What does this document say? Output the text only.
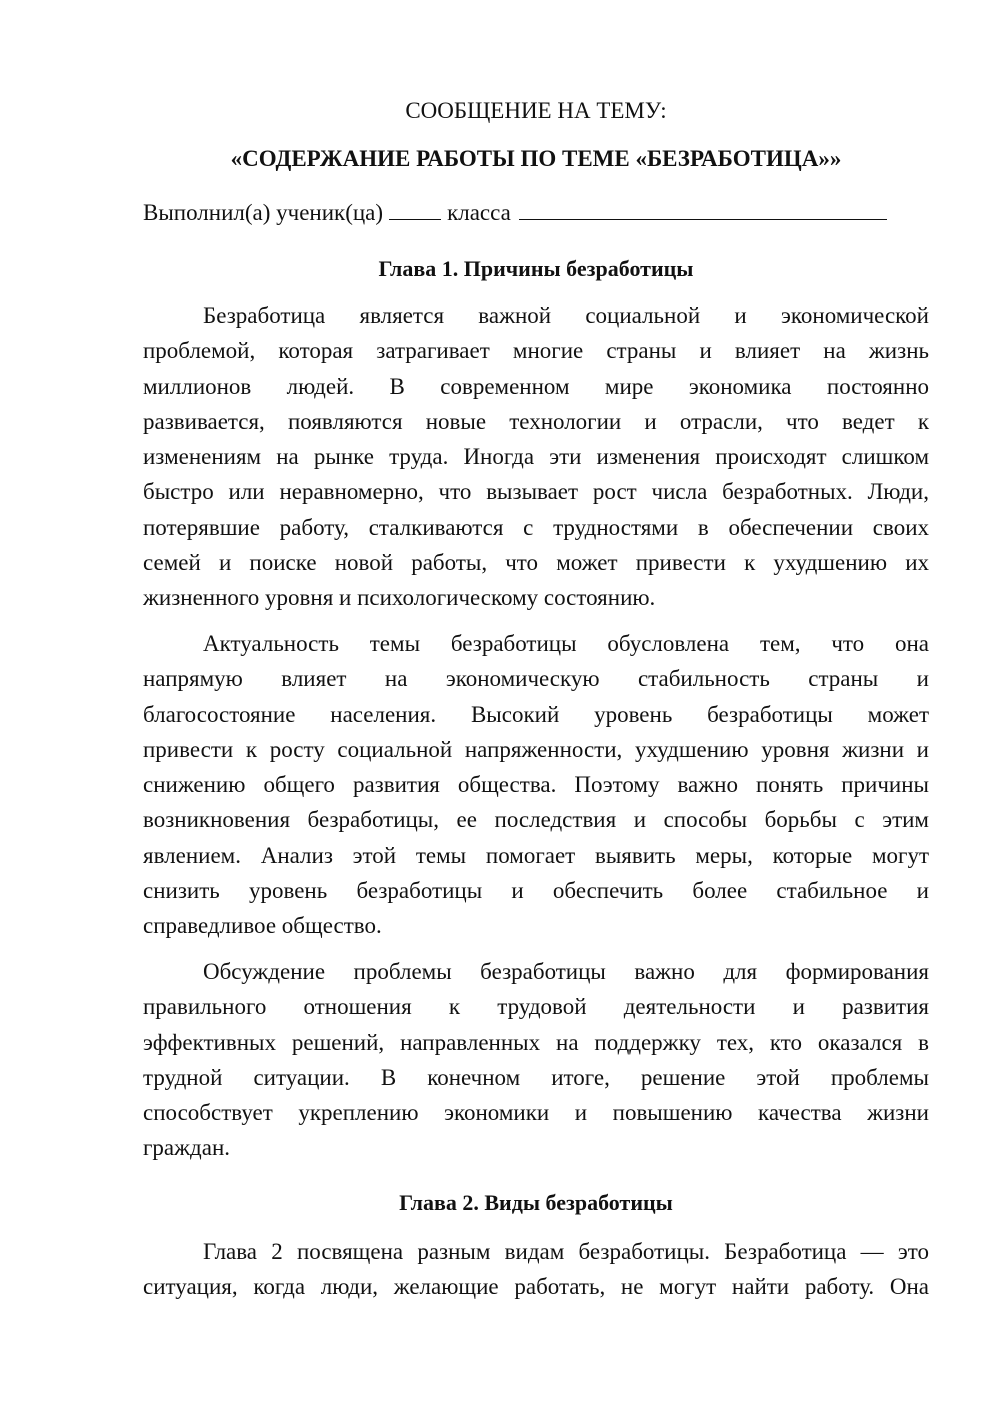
СООБЩЕНИЕ НА ТЕМУ:
«СОДЕРЖАНИЕ РАБОТЫ ПО ТЕМЕ «БЕЗРАБОТИЦА»»
Выполнил(а) ученик(ца)	класса
Глава 1. Причины безработицы
Безработица является важной социальной и экономической
проблемой, которая затрагивает многие страны и влияет на жизнь
миллионов людей. В современном мире экономика постоянно
развивается, появляются новые технологии и отрасли, что ведет к
изменениям на рынке труда. Иногда эти изменения происходят слишком
быстро или неравномерно, что вызывает рост числа безработных. Люди,
потерявшие работу, сталкиваются с трудностями в обеспечении своих
семей и поиске новой работы, что может привести к ухудшению их
жизненного уровня и психологическому состоянию.
Актуальность темы безработицы обусловлена тем, что она
напрямую влияет на экономическую стабильность страны и
благосостояние населения. Высокий уровень безработицы может
привести к росту социальной напряженности, ухудшению уровня жизни и
снижению общего развития общества. Поэтому важно понять причины
возникновения безработицы, ее последствия и способы борьбы с этим
явлением. Анализ этой темы помогает выявить меры, которые могут
снизить уровень безработицы и обеспечить более стабильное и
справедливое общество.
Обсуждение проблемы безработицы важно для формирования
правильного отношения к трудовой деятельности и развития
эффективных решений, направленных на поддержку тех, кто оказался в
трудной ситуации. В конечном итоге, решение этой проблемы
способствует укреплению экономики и повышению качества жизни
граждан.
Глава 2. Виды безработицы
Глава 2 посвящена разным видам безработицы. Безработица — это
ситуация, когда люди, желающие работать, не могут найти работу. Она
